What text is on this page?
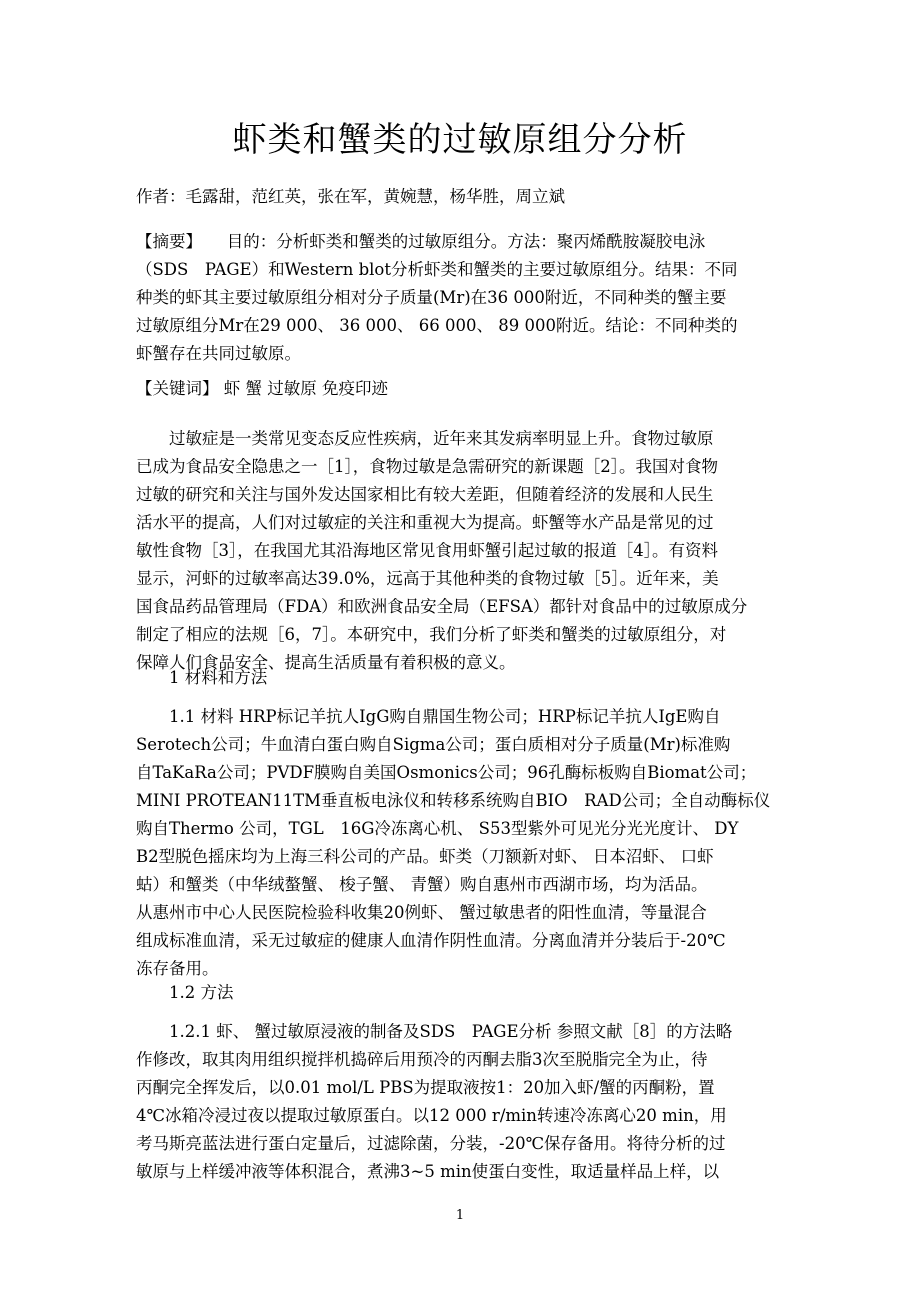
虾类和蟹类的过敏原组分分析
作者：毛露甜，范红英，张在军，黄婉慧，杨华胜，周立斌
【摘要】　　目的：分析虾类和蟹类的过敏原组分。方法：聚丙烯酰胺凝胶电泳
（SDS　PAGE）和Western blot分析虾类和蟹类的主要过敏原组分。结果：不同
种类的虾其主要过敏原组分相对分子质量(Mr)在36 000附近，不同种类的蟹主要
过敏原组分Mr在29 000、 36 000、 66 000、 89 000附近。结论：不同种类的
虾蟹存在共同过敏原。
【关键词】 虾 蟹 过敏原 免疫印迹
　　过敏症是一类常见变态反应性疾病，近年来其发病率明显上升。食物过敏原
已成为食品安全隐患之一［1］，食物过敏是急需研究的新课题［2］。我国对食物
过敏的研究和关注与国外发达国家相比有较大差距，但随着经济的发展和人民生
活水平的提高，人们对过敏症的关注和重视大为提高。虾蟹等水产品是常见的过
敏性食物［3］，在我国尤其沿海地区常见食用虾蟹引起过敏的报道［4］。有资料
显示，河虾的过敏率高达39.0%，远高于其他种类的食物过敏［5］。近年来，美
国食品药品管理局（FDA）和欧洲食品安全局（EFSA）都针对食品中的过敏原成分
制定了相应的法规［6，7］。本研究中，我们分析了虾类和蟹类的过敏原组分，对
保障人们食品安全、提高生活质量有着积极的意义。
　　1 材料和方法
　　1.1 材料 HRP标记羊抗人IgG购自鼎国生物公司；HRP标记羊抗人IgE购自
Serotech公司；牛血清白蛋白购自Sigma公司；蛋白质相对分子质量(Mr)标准购
自TaKaRa公司；PVDF膜购自美国Osmonics公司；96孔酶标板购自Biomat公司；
MINI PROTEAN11TM垂直板电泳仪和转移系统购自BIO　RAD公司；全自动酶标仪
购自Thermo 公司，TGL　16G冷冻离心机、 S53型紫外可见光分光光度计、 DY
B2型脱色摇床均为上海三科公司的产品。虾类（刀额新对虾、 日本沼虾、 口虾
蛄）和蟹类（中华绒螯蟹、 梭子蟹、 青蟹）购自惠州市西湖市场，均为活品。
从惠州市中心人民医院检验科收集20例虾、 蟹过敏患者的阳性血清，等量混合
组成标准血清，采无过敏症的健康人血清作阴性血清。分离血清并分装后于-20℃
冻存备用。
　　1.2 方法
　　1.2.1 虾、 蟹过敏原浸液的制备及SDS　PAGE分析 参照文献［8］的方法略
作修改，取其肉用组织搅拌机捣碎后用预冷的丙酮去脂3次至脱脂完全为止，待
丙酮完全挥发后，以0.01 mol/L PBS为提取液按1：20加入虾/蟹的丙酮粉，置
4℃冰箱冷浸过夜以提取过敏原蛋白。以12 000 r/min转速冷冻离心20 min，用
考马斯亮蓝法进行蛋白定量后，过滤除菌，分装，-20℃保存备用。将待分析的过
敏原与上样缓冲液等体积混合，煮沸3~5 min使蛋白变性，取适量样品上样，以
1
